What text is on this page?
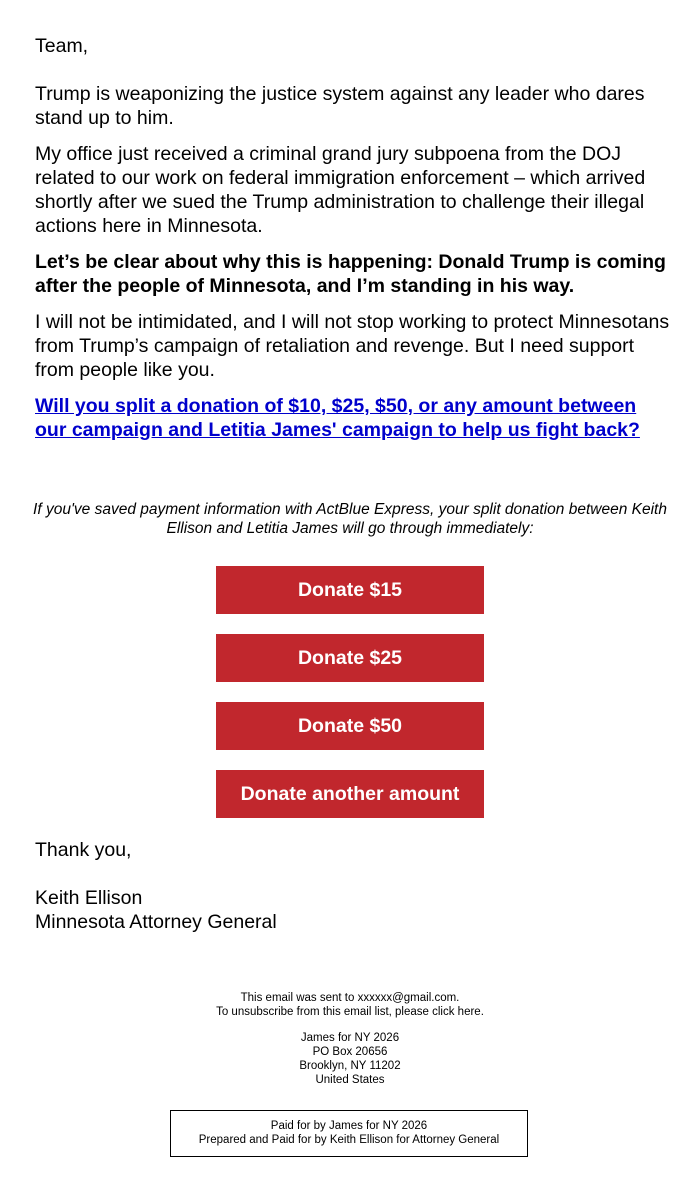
Team,

Trump is weaponizing the justice system against any leader who dares stand up to him.

My office just received a criminal grand jury subpoena from the DOJ related to our work on federal immigration enforcement – which arrived shortly after we sued the Trump administration to challenge their illegal actions here in Minnesota.

Let’s be clear about why this is happening: Donald Trump is coming after the people of Minnesota, and I’m standing in his way.

I will not be intimidated, and I will not stop working to protect Minnesotans from Trump’s campaign of retaliation and revenge. But I need support from people like you.

Will you split a donation of $10, $25, $50, or any amount between our campaign and Letitia James' campaign to help us fight back?

If you've saved payment information with ActBlue Express, your split donation between Keith Ellison and Letitia James will go through immediately:

Donate $15
Donate $25
Donate $50
Donate another amount

Thank you,

Keith Ellison

Minnesota Attorney General

This email was sent to xxxxxx@gmail.com.

To unsubscribe from this email list, please click here.

James for NY 2026

PO Box 20656

Brooklyn, NY 11202

United States

Paid for by James for NY 2026

Prepared and Paid for by Keith Ellison for Attorney General
